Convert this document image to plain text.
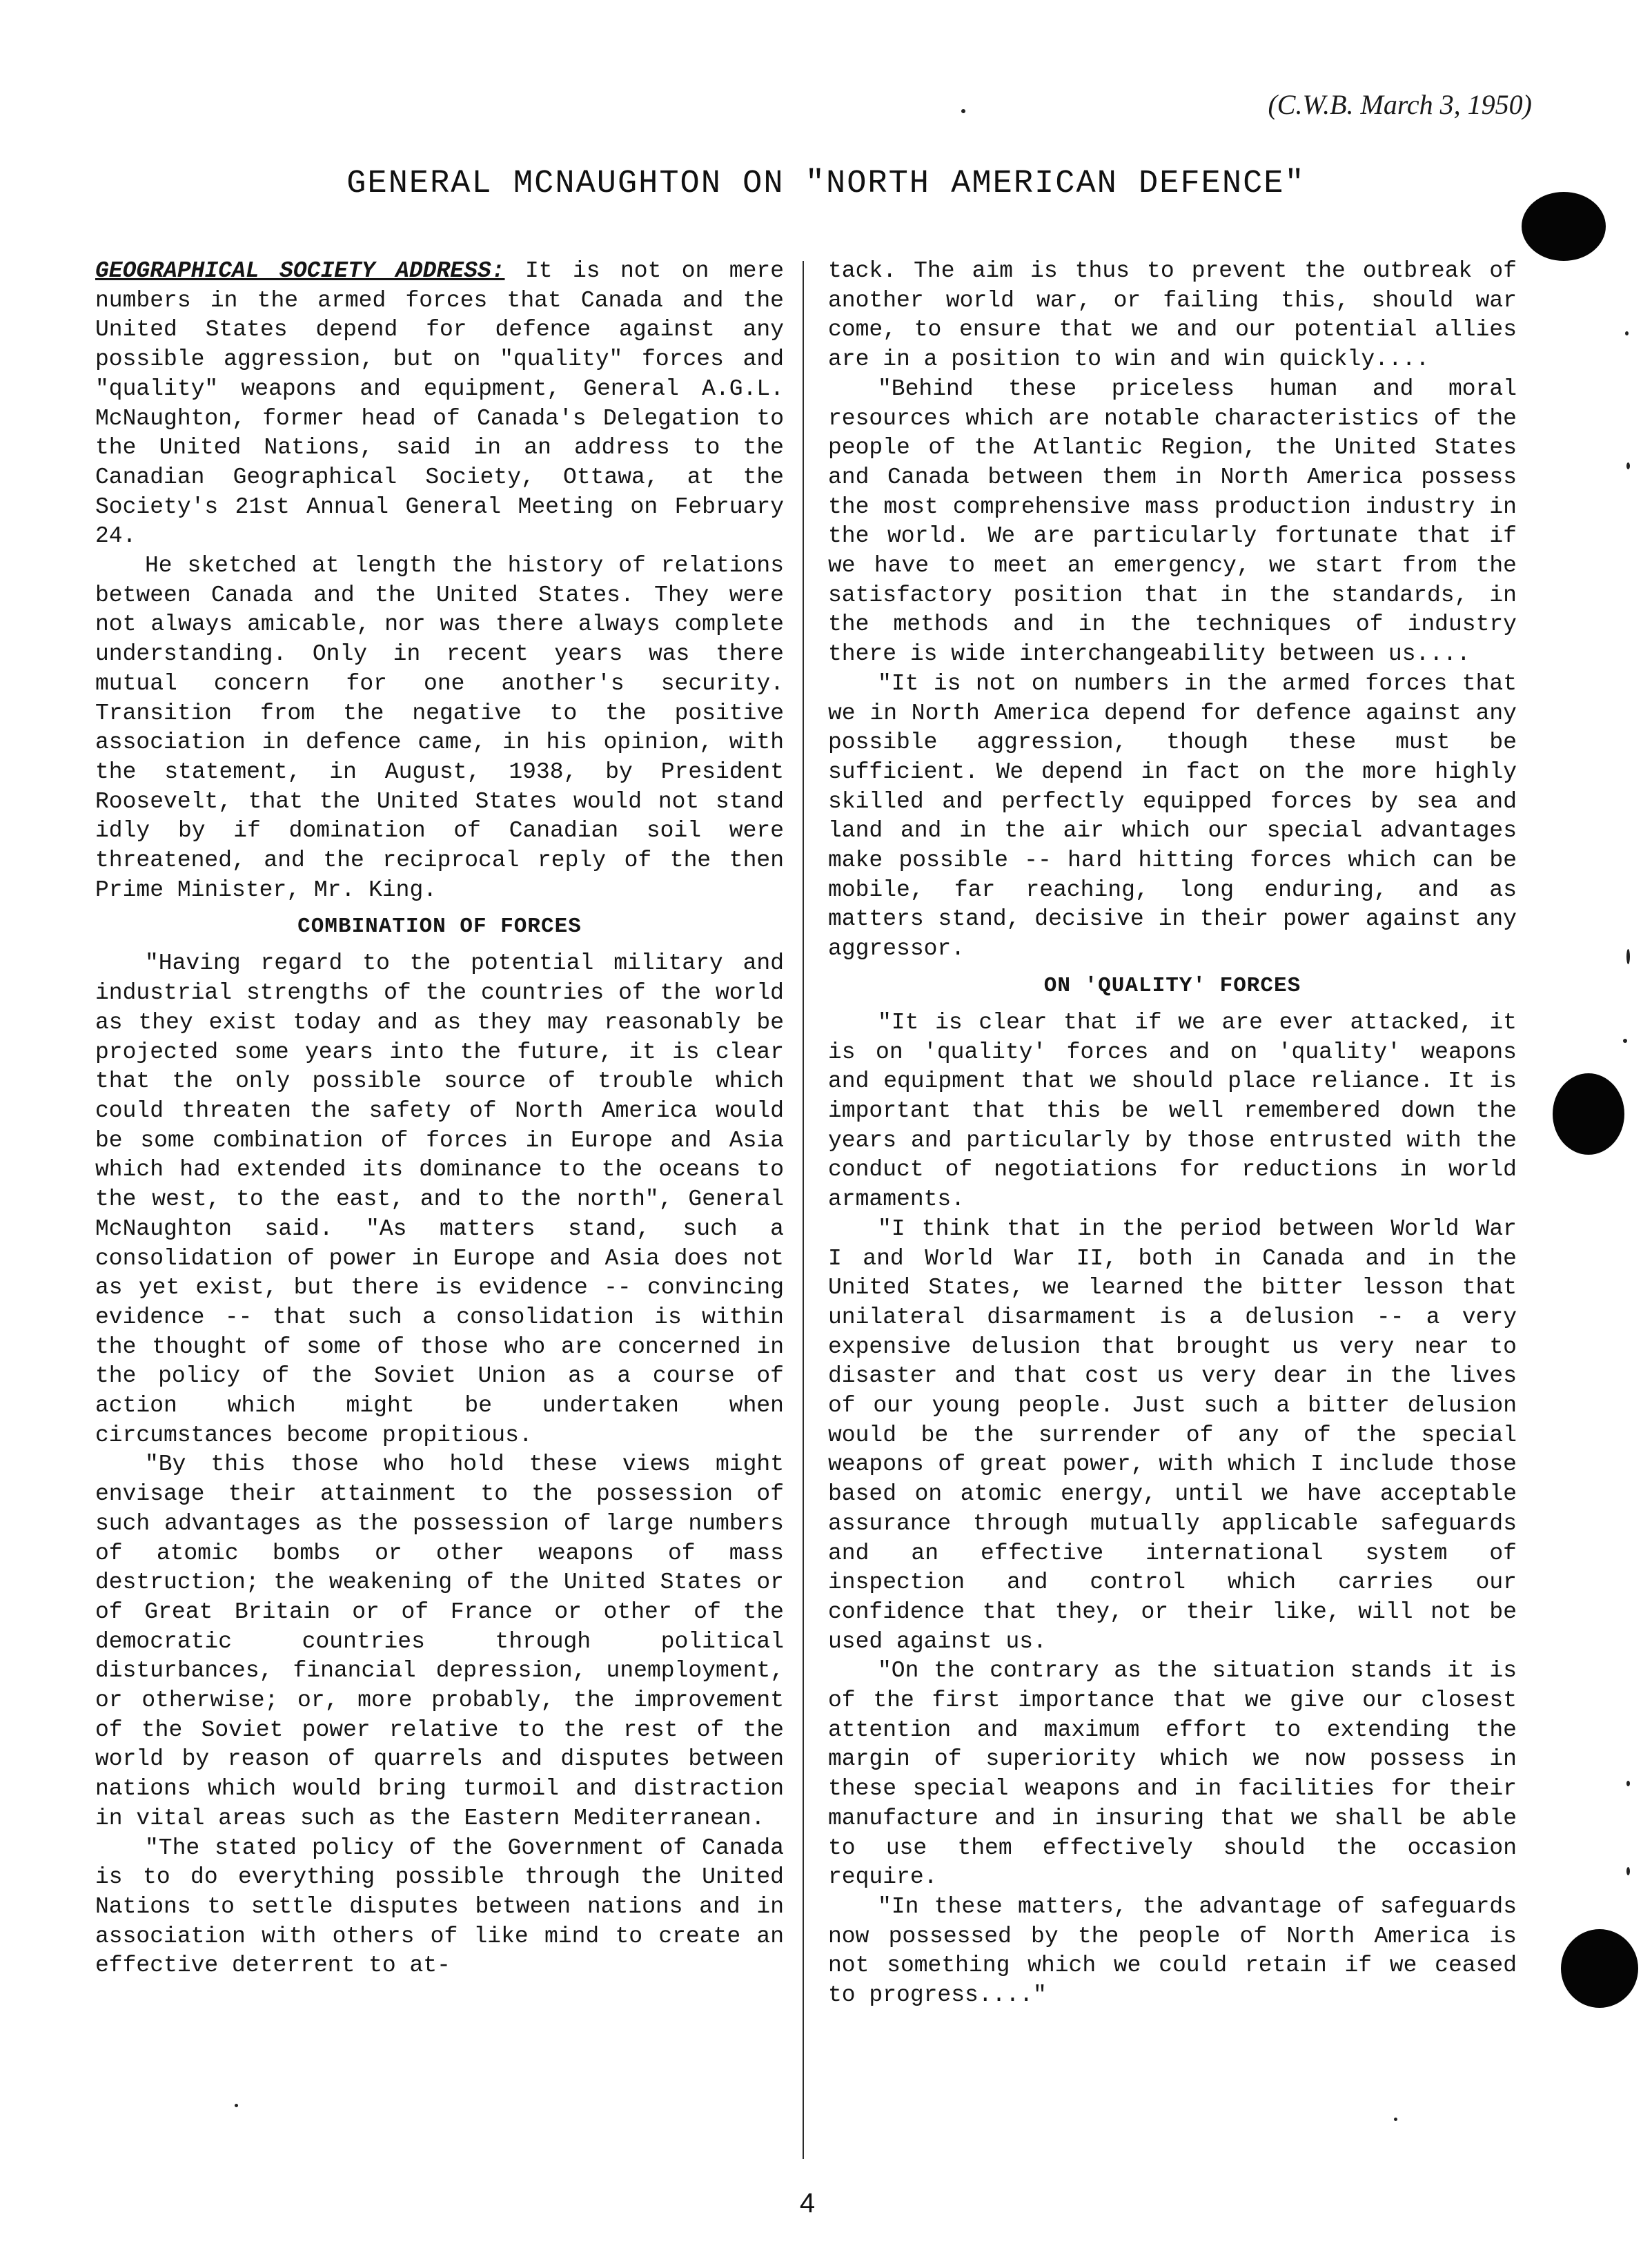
(C.W.B. March 3, 1950)
GENERAL MCNAUGHTON ON "NORTH AMERICAN DEFENCE"

GEOGRAPHICAL SOCIETY ADDRESS: It is not on mere numbers in the armed forces that Canada and the United States depend for defence against any possible aggression, but on "quality" forces and "quality" weapons and equipment, General A.G.L. McNaughton, former head of Canada's Delegation to the United Nations, said in an address to the Canadian Geographical Society, Ottawa, at the Society's 21st Annual General Meeting on February 24.

He sketched at length the history of relations between Canada and the United States. They were not always amicable, nor was there always complete understanding. Only in recent years was there mutual concern for one another's security. Transition from the negative to the positive association in defence came, in his opinion, with the statement, in August, 1938, by President Roosevelt, that the United States would not stand idly by if domination of Canadian soil were threatened, and the reciprocal reply of the then Prime Minister, Mr. King.

COMBINATION OF FORCES

"Having regard to the potential military and industrial strengths of the countries of the world as they exist today and as they may reasonably be projected some years into the future, it is clear that the only possible source of trouble which could threaten the safety of North America would be some combination of forces in Europe and Asia which had extended its dominance to the oceans to the west, to the east, and to the north", General McNaughton said. "As matters stand, such a consolidation of power in Europe and Asia does not as yet exist, but there is evidence -- convincing evidence -- that such a consolidation is within the thought of some of those who are concerned in the policy of the Soviet Union as a course of action which might be undertaken when circumstances become propitious.

"By this those who hold these views might envisage their attainment to the possession of such advantages as the possession of large numbers of atomic bombs or other weapons of mass destruction; the weakening of the United States or of Great Britain or of France or other of the democratic countries through political disturbances, financial depression, unemployment, or otherwise; or, more probably, the improvement of the Soviet power relative to the rest of the world by reason of quarrels and disputes between nations which would bring turmoil and distraction in vital areas such as the Eastern Mediterranean.

"The stated policy of the Government of Canada is to do everything possible through the United Nations to settle disputes between nations and in association with others of like mind to create an effective deterrent to at-

tack. The aim is thus to prevent the outbreak of another world war, or failing this, should war come, to ensure that we and our potential allies are in a position to win and win quickly....

"Behind these priceless human and moral resources which are notable characteristics of the people of the Atlantic Region, the United States and Canada between them in North America possess the most comprehensive mass production industry in the world. We are particularly fortunate that if we have to meet an emergency, we start from the satisfactory position that in the standards, in the methods and in the techniques of industry there is wide interchangeability between us....

"It is not on numbers in the armed forces that we in North America depend for defence against any possible aggression, though these must be sufficient. We depend in fact on the more highly skilled and perfectly equipped forces by sea and land and in the air which our special advantages make possible -- hard hitting forces which can be mobile, far reaching, long enduring, and as matters stand, decisive in their power against any aggressor.

ON 'QUALITY' FORCES

"It is clear that if we are ever attacked, it is on 'quality' forces and on 'quality' weapons and equipment that we should place reliance. It is important that this be well remembered down the years and particularly by those entrusted with the conduct of negotiations for reductions in world armaments.

"I think that in the period between World War I and World War II, both in Canada and in the United States, we learned the bitter lesson that unilateral disarmament is a delusion -- a very expensive delusion that brought us very near to disaster and that cost us very dear in the lives of our young people. Just such a bitter delusion would be the surrender of any of the special weapons of great power, with which I include those based on atomic energy, until we have acceptable assurance through mutually applicable safeguards and an effective international system of inspection and control which carries our confidence that they, or their like, will not be used against us.

"On the contrary as the situation stands it is of the first importance that we give our closest attention and maximum effort to extending the margin of superiority which we now possess in these special weapons and in facilities for their manufacture and in insuring that we shall be able to use them effectively should the occasion require.

"In these matters, the advantage of safeguards now possessed by the people of North America is not something which we could retain if we ceased to progress...."

4
